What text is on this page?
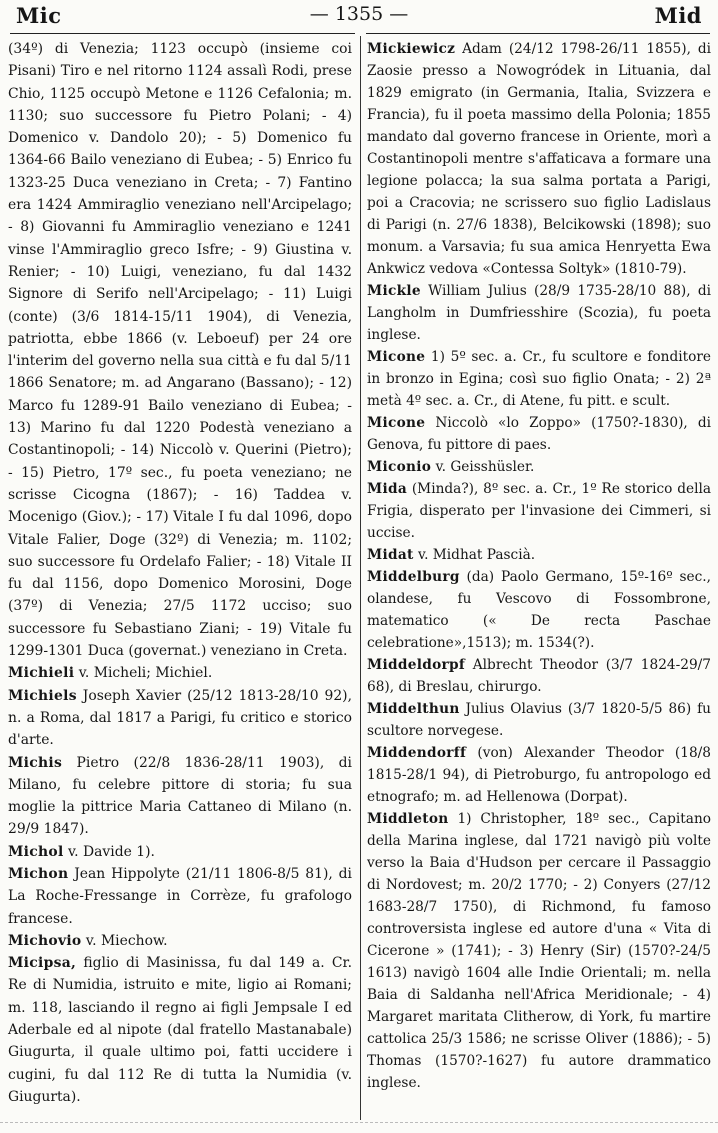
Mic	— 1355 —	Mid

(34º) di Venezia; 1123 occupò (insieme coi Pisani) Tiro e nel ritorno 1124 assalì Rodi, prese Chio, 1125 occupò Metone e 1126 Cefalonia; m. 1130; suo successore fu Pietro Polani; - 4) Domenico v. Dandolo 20); - 5) Domenico fu 1364-66 Bailo veneziano di Eubea; - 5) Enrico fu 1323-25 Duca veneziano in Creta; - 7) Fantino era 1424 Ammiraglio veneziano nell'Arcipelago; - 8) Giovanni fu Ammiraglio veneziano e 1241 vinse l'Ammiraglio greco Isfre; - 9) Giustina v. Renier; - 10) Luigi, veneziano, fu dal 1432 Signore di Serifo nell'Arcipelago; - 11) Luigi (conte) (3/6 1814-15/11 1904), di Venezia, patriotta, ebbe 1866 (v. Leboeuf) per 24 ore l'interim del governo nella sua città e fu dal 5/11 1866 Senatore; m. ad Angarano (Bassano); - 12) Marco fu 1289-91 Bailo veneziano di Eubea; - 13) Marino fu dal 1220 Podestà veneziano a Costantinopoli; - 14) Niccolò v. Querini (Pietro); - 15) Pietro, 17º sec., fu poeta veneziano; ne scrisse Cicogna (1867); - 16) Taddea v. Mocenigo (Giov.); - 17) Vitale I fu dal 1096, dopo Vitale Falier, Doge (32º) di Venezia; m. 1102; suo successore fu Ordelafo Falier; - 18) Vitale II fu dal 1156, dopo Domenico Morosini, Doge (37º) di Venezia; 27/5 1172 ucciso; suo successore fu Sebastiano Ziani; - 19) Vitale fu 1299-1301 Duca (governat.) veneziano in Creta.

Michieli v. Micheli; Michiel.

Michiels Joseph Xavier (25/12 1813-28/10 92), n. a Roma, dal 1817 a Parigi, fu critico e storico d'arte.

Michis Pietro (22/8 1836-28/11 1903), di Milano, fu celebre pittore di storia; fu sua moglie la pittrice Maria Cattaneo di Milano (n. 29/9 1847).

Michol v. Davide 1).

Michon Jean Hippolyte (21/11 1806-8/5 81), di La Roche-Fressange in Corrèze, fu grafologo francese.

Michovio v. Miechow.

Micipsa, figlio di Masinissa, fu dal 149 a. Cr. Re di Numidia, istruito e mite, ligio ai Romani; m. 118, lasciando il regno ai figli Jempsale I ed Aderbale ed al nipote (dal fratello Mastanabale) Giugurta, il quale ultimo poi, fatti uccidere i cugini, fu dal 112 Re di tutta la Numidia (v. Giugurta).

Mickiewicz Adam (24/12 1798-26/11 1855), di Zaosie presso a Nowogródek in Lituania, dal 1829 emigrato (in Germania, Italia, Svizzera e Francia), fu il poeta massimo della Polonia; 1855 mandato dal governo francese in Oriente, morì a Costantinopoli mentre s'affaticava a formare una legione polacca; la sua salma portata a Parigi, poi a Cracovia; ne scrissero suo figlio Ladislaus di Parigi (n. 27/6 1838), Belcikowski (1898); suo monum. a Varsavia; fu sua amica Henryetta Ewa Ankwicz vedova «Contessa Soltyk» (1810-79).

Mickle William Julius (28/9 1735-28/10 88), di Langholm in Dumfriesshire (Scozia), fu poeta inglese.

Micone 1) 5º sec. a. Cr., fu scultore e fonditore in bronzo in Egina; così suo figlio Onata; - 2) 2ª metà 4º sec. a. Cr., di Atene, fu pitt. e scult.

Micone Niccolò «lo Zoppo» (1750?-1830), di Genova, fu pittore di paes.

Miconio v. Geisshüsler.

Mida (Minda?), 8º sec. a. Cr., 1º Re storico della Frigia, disperato per l'invasione dei Cimmeri, si uccise.

Midat v. Midhat Pascià.

Middelburg (da) Paolo Germano, 15º-16º sec., olandese, fu Vescovo di Fossombrone, matematico (« De recta Paschae celebratione»,1513); m. 1534(?).

Middeldorpf Albrecht Theodor (3/7 1824-29/7 68), di Breslau, chirurgo.

Middelthun Julius Olavius (3/7 1820-5/5 86) fu scultore norvegese.

Middendorff (von) Alexander Theodor (18/8 1815-28/1 94), di Pietroburgo, fu antropologo ed etnografo; m. ad Hellenowa (Dorpat).

Middleton 1) Christopher, 18º sec., Capitano della Marina inglese, dal 1721 navigò più volte verso la Baia d'Hudson per cercare il Passaggio di Nordovest; m. 20/2 1770; - 2) Conyers (27/12 1683-28/7 1750), di Richmond, fu famoso controversista inglese ed autore d'una « Vita di Cicerone » (1741); - 3) Henry (Sir) (1570?-24/5 1613) navigò 1604 alle Indie Orientali; m. nella Baia di Saldanha nell'Africa Meridionale; - 4) Margaret maritata Clitherow, di York, fu martire cattolica 25/3 1586; ne scrisse Oliver (1886); - 5) Thomas (1570?-1627) fu autore drammatico inglese.
